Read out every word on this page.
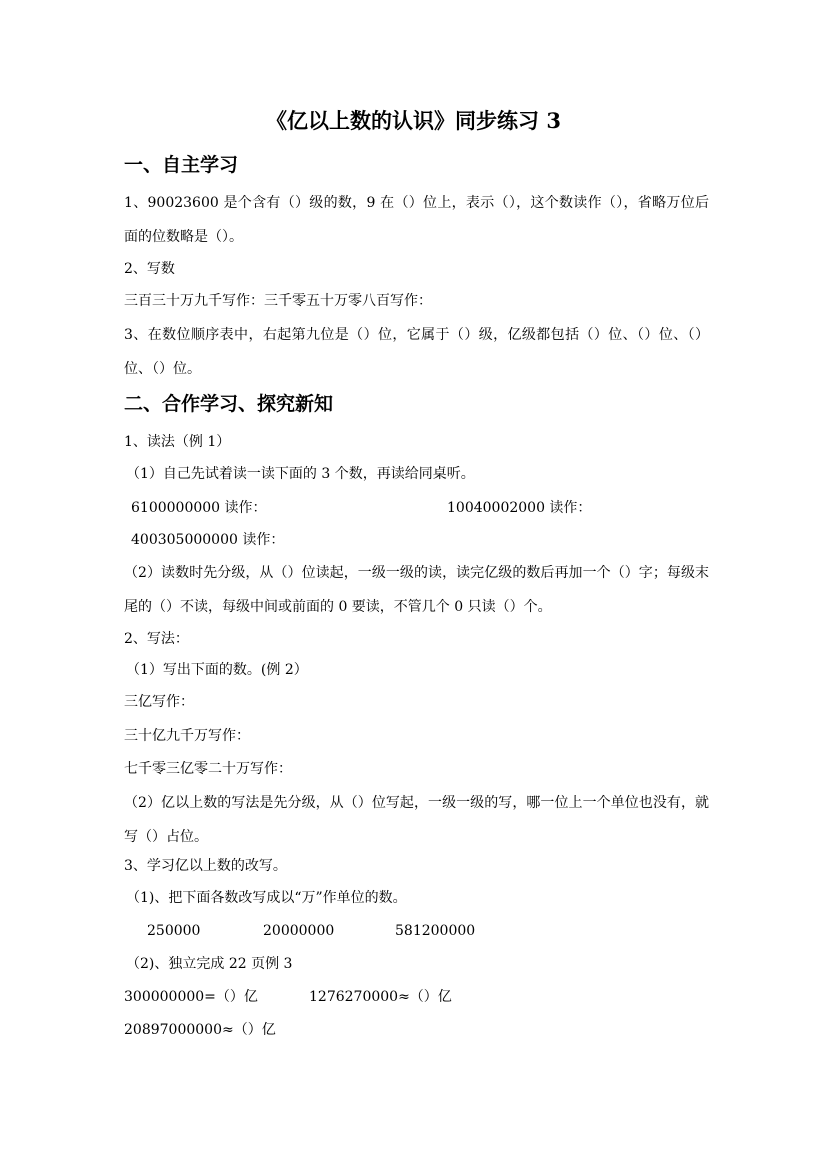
《亿以上数的认识》同步练习 3
一、自主学习
1、90023600 是个含有（）级的数，9 在（）位上，表示（），这个数读作（），省略万位后面的位数略是（）。
2、写数
三百三十万九千写作：三千零五十万零八百写作：
3、在数位顺序表中，右起第九位是（）位，它属于（）级，亿级都包括（）位、（）位、（）位、（）位。
二、合作学习、探究新知
1、读法（例 1）
（1）自己先试着读一读下面的 3 个数，再读给同桌听。
6100000000 读作：	10040002000 读作：
400305000000 读作：
（2）读数时先分级，从（）位读起，一级一级的读，读完亿级的数后再加一个（）字；每级末尾的（）不读，每级中间或前面的 0 要读，不管几个 0 只读（）个。
2、写法：
（1）写出下面的数。(例 2）
三亿写作：
三十亿九千万写作：
七千零三亿零二十万写作：
（2）亿以上数的写法是先分级，从（）位写起，一级一级的写，哪一位上一个单位也没有，就写（）占位。
3、学习亿以上数的改写。
（1)、把下面各数改写成以“万”作单位的数。
250000	20000000	581200000
（2)、独立完成 22 页例 3
300000000=（）亿	1276270000≈（）亿
20897000000≈（）亿
